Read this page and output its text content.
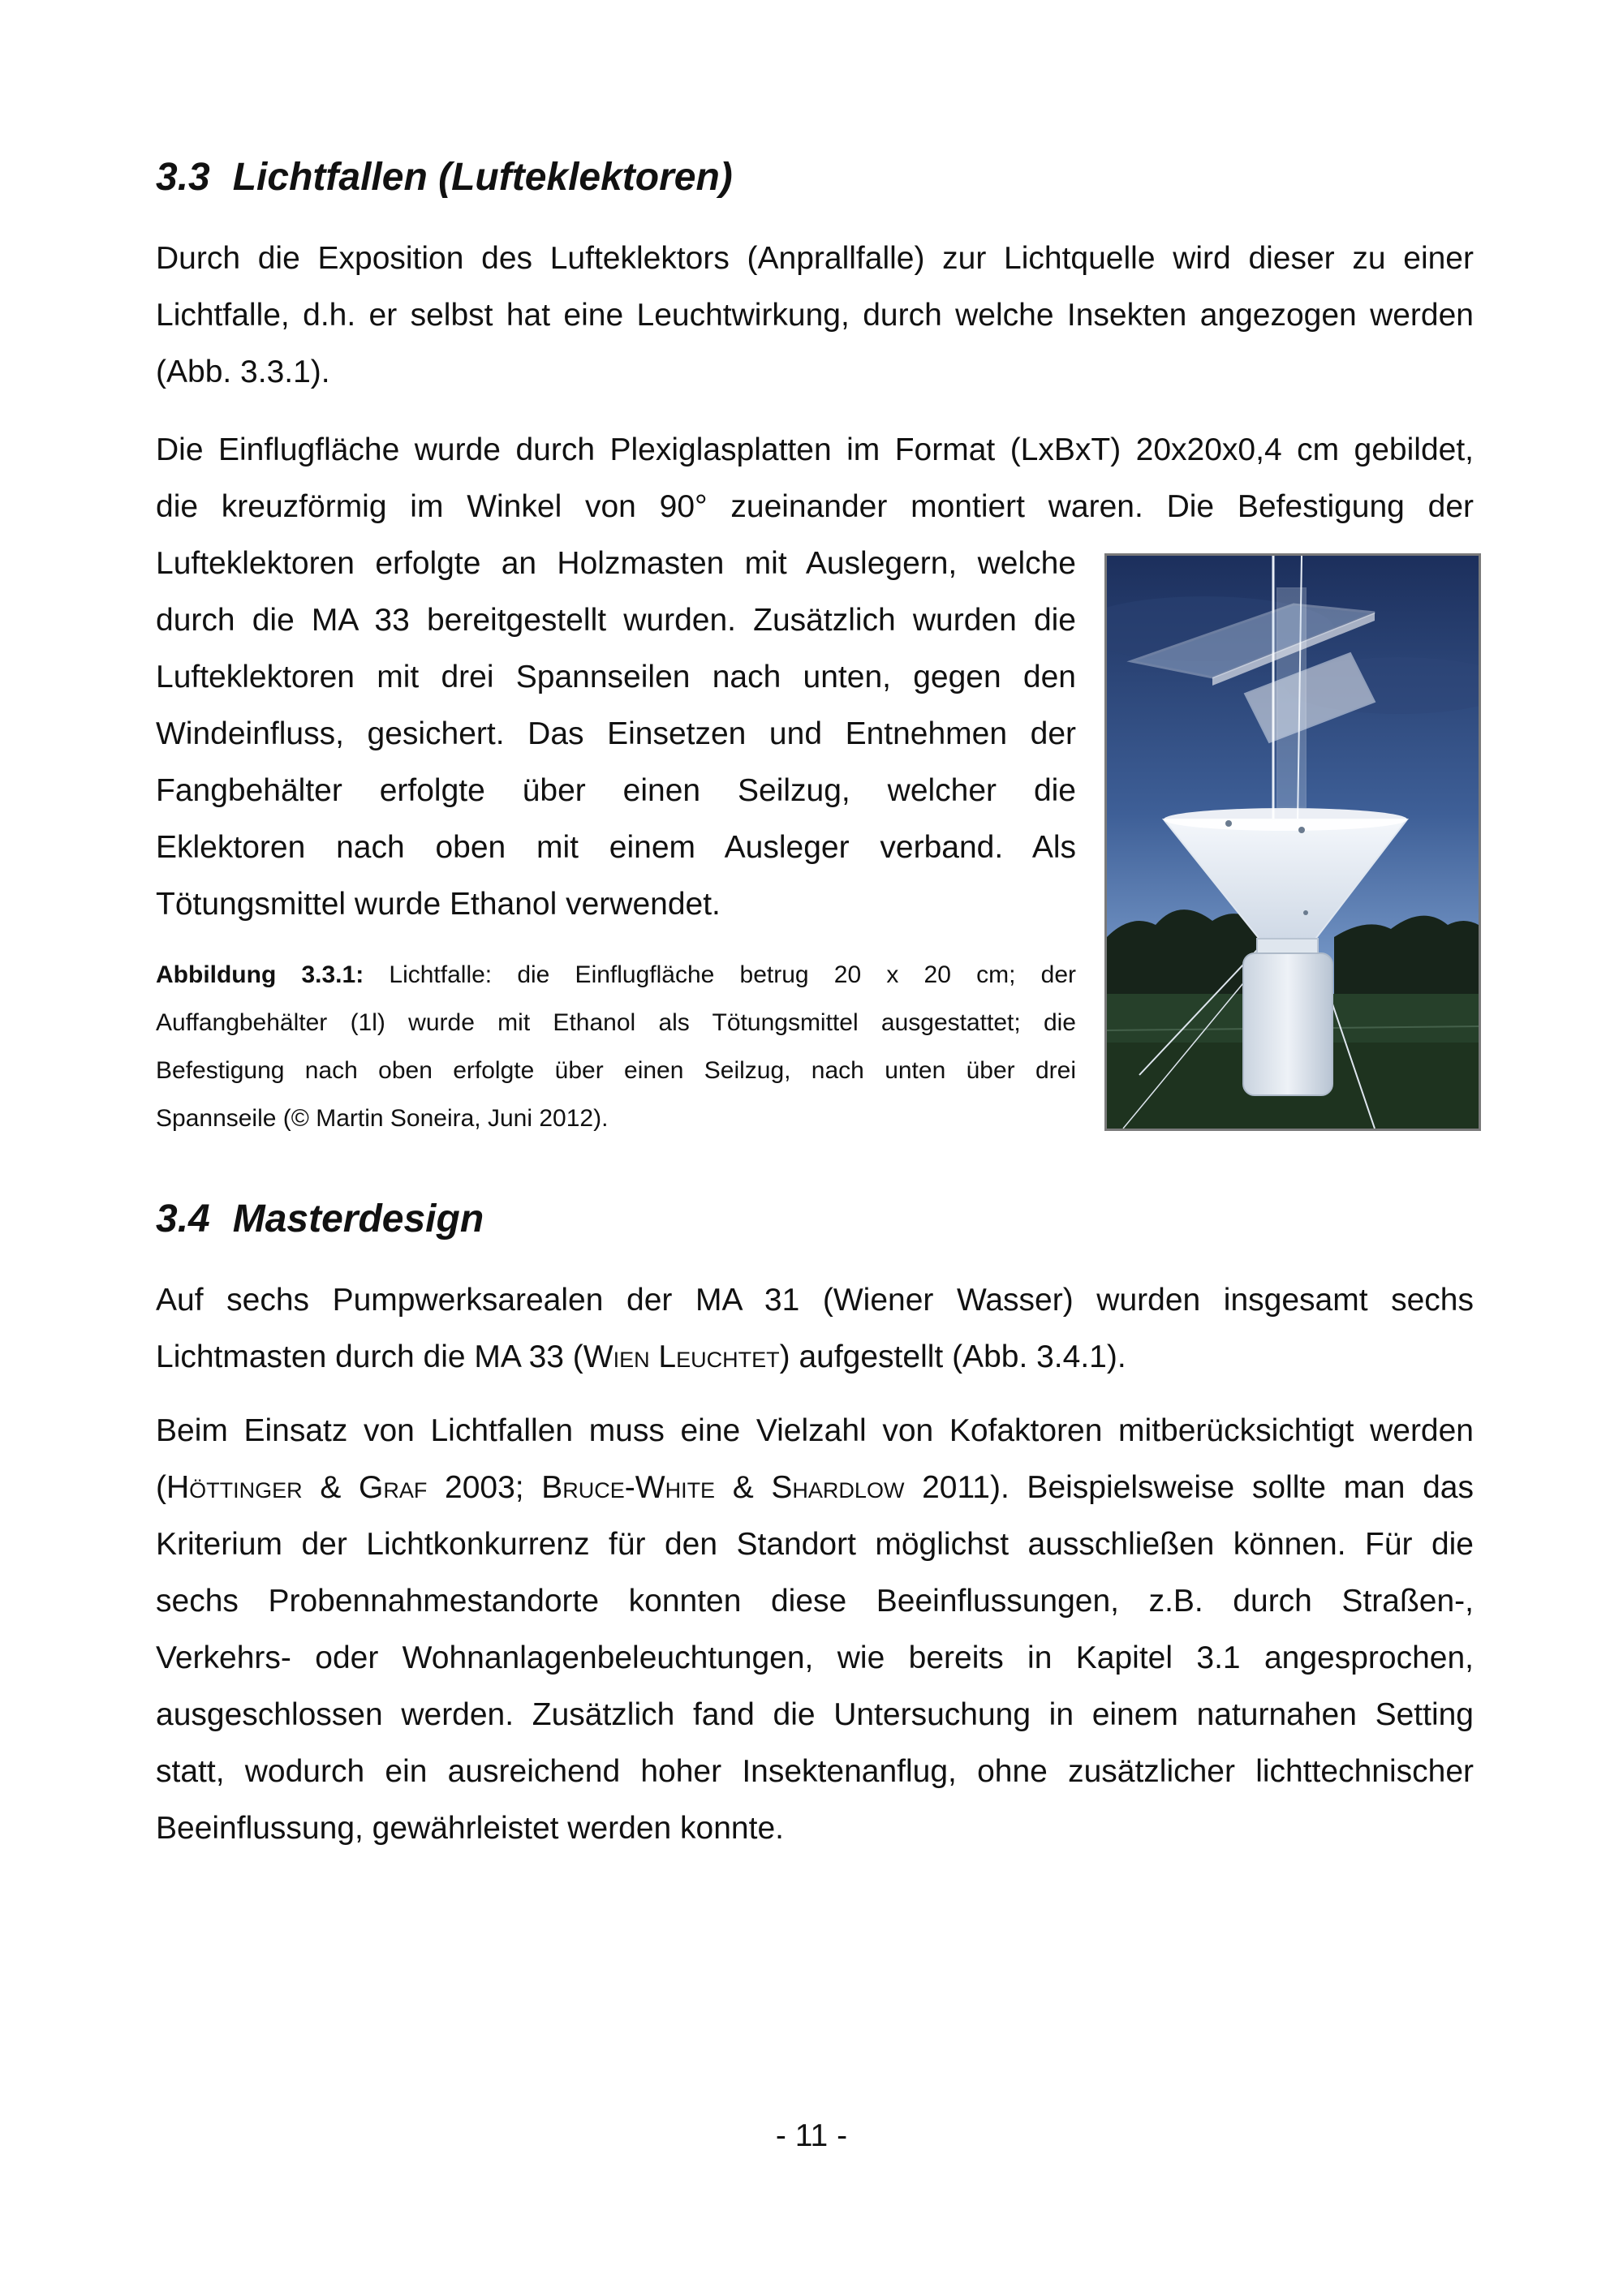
3.3 Lichtfallen (Lufteklektoren)
Durch die Exposition des Lufteklektors (Anprallfalle) zur Lichtquelle wird dieser zu einer
Lichtfalle, d.h. er selbst hat eine Leuchtwirkung, durch welche Insekten angezogen werden
(Abb. 3.3.1).
Die Einflugfläche wurde durch Plexiglasplatten im Format (LxBxT) 20x20x0,4 cm gebildet,
die kreuzförmig im Winkel von 90° zueinander montiert waren. Die Befestigung der
Lufteklektoren erfolgte an Holzmasten mit Auslegern, welche
durch die MA 33 bereitgestellt wurden. Zusätzlich wurden die
Lufteklektoren mit drei Spannseilen nach unten, gegen den
Windeinfluss, gesichert. Das Einsetzen und Entnehmen der
Fangbehälter erfolgte über einen Seilzug, welcher die
Eklektoren nach oben mit einem Ausleger verband. Als
Tötungsmittel wurde Ethanol verwendet.
Abbildung 3.3.1: Lichtfalle: die Einflugfläche betrug 20 x 20 cm; der
Auffangbehälter (1l) wurde mit Ethanol als Tötungsmittel ausgestattet; die
Befestigung nach oben erfolgte über einen Seilzug, nach unten über drei
Spannseile (© Martin Soneira, Juni 2012).
3.4 Masterdesign
Auf sechs Pumpwerksarealen der MA 31 (Wiener Wasser) wurden insgesamt sechs
Lichtmasten durch die MA 33 (Wien Leuchtet) aufgestellt (Abb. 3.4.1).
Beim Einsatz von Lichtfallen muss eine Vielzahl von Kofaktoren mitberücksichtigt werden
(Höttinger & Graf 2003; Bruce-White & Shardlow 2011). Beispielsweise sollte man das
Kriterium der Lichtkonkurrenz für den Standort möglichst ausschließen können. Für die
sechs Probennahmestandorte konnten diese Beeinflussungen, z.B. durch Straßen-,
Verkehrs- oder Wohnanlagenbeleuchtungen, wie bereits in Kapitel 3.1 angesprochen,
ausgeschlossen werden. Zusätzlich fand die Untersuchung in einem naturnahen Setting
statt, wodurch ein ausreichend hoher Insektenanflug, ohne zusätzlicher lichttechnischer
Beeinflussung, gewährleistet werden konnte.
- 11 -
